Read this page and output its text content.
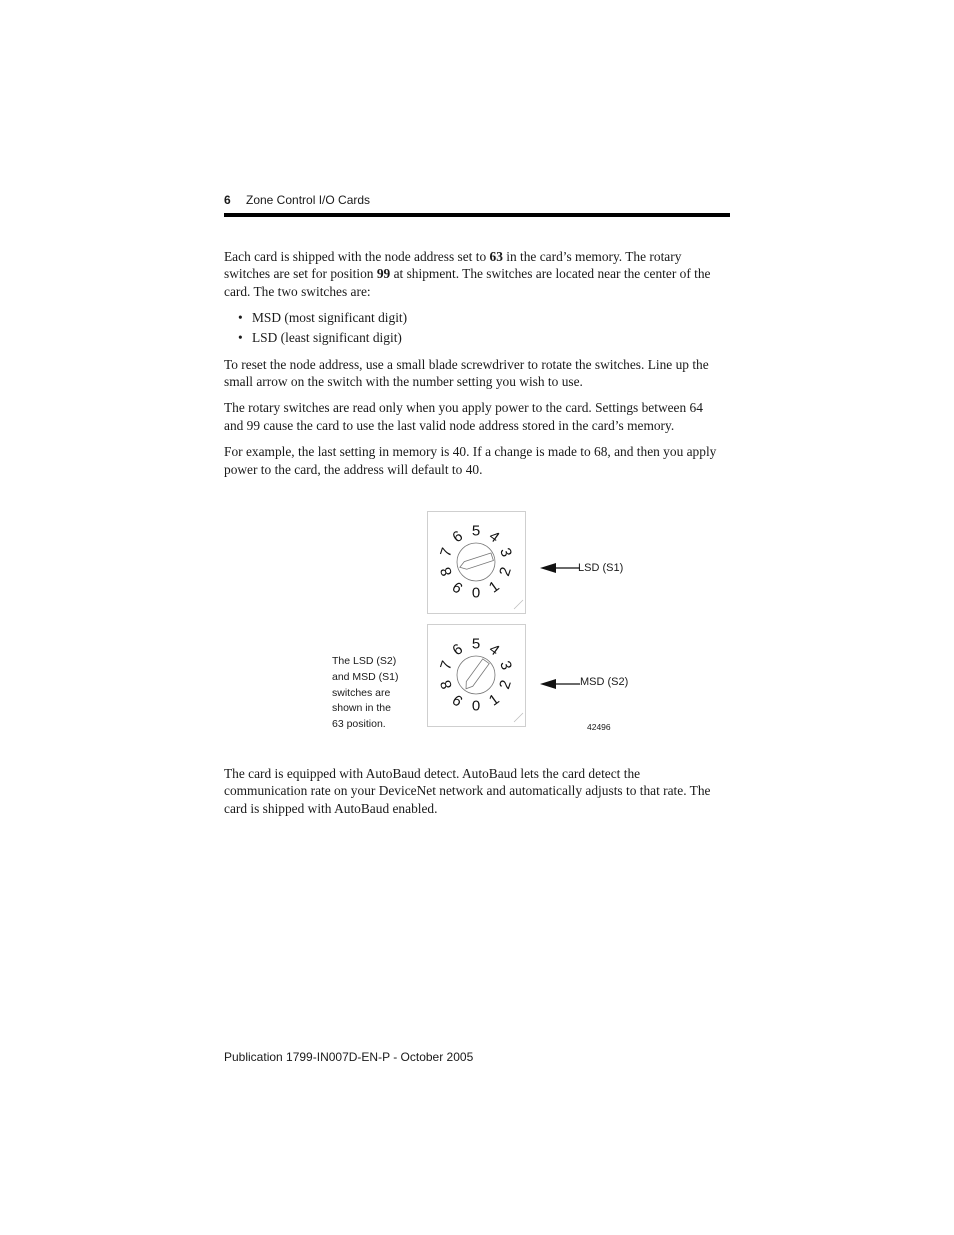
6 Zone Control I/O Cards

Each card is shipped with the node address set to 63 in the card’s memory. The rotary switches are set for position 99 at shipment. The switches are located near the center of the card. The two switches are:

• MSD (most significant digit)
• LSD (least significant digit)

To reset the node address, use a small blade screwdriver to rotate the switches. Line up the small arrow on the switch with the number setting you wish to use.

The rotary switches are read only when you apply power to the card. Settings between 64 and 99 cause the card to use the last valid node address stored in the card’s memory.

For example, the last setting in memory is 40. If a change is made to 68, and then you apply power to the card, the address will default to 40.

0 1
2
3
4
5
6
7
8
9
0 1
2
3
4
5
6
7
8
9
LSD (S1)
MSD (S2)
The LSD (S2)
and MSD (S1)
switches are
shown in the
63 position.	42496

The card is equipped with AutoBaud detect. AutoBaud lets the card detect the communication rate on your DeviceNet network and automatically adjusts to that rate. The card is shipped with AutoBaud enabled.

Publication 1799-IN007D-EN-P - October 2005
